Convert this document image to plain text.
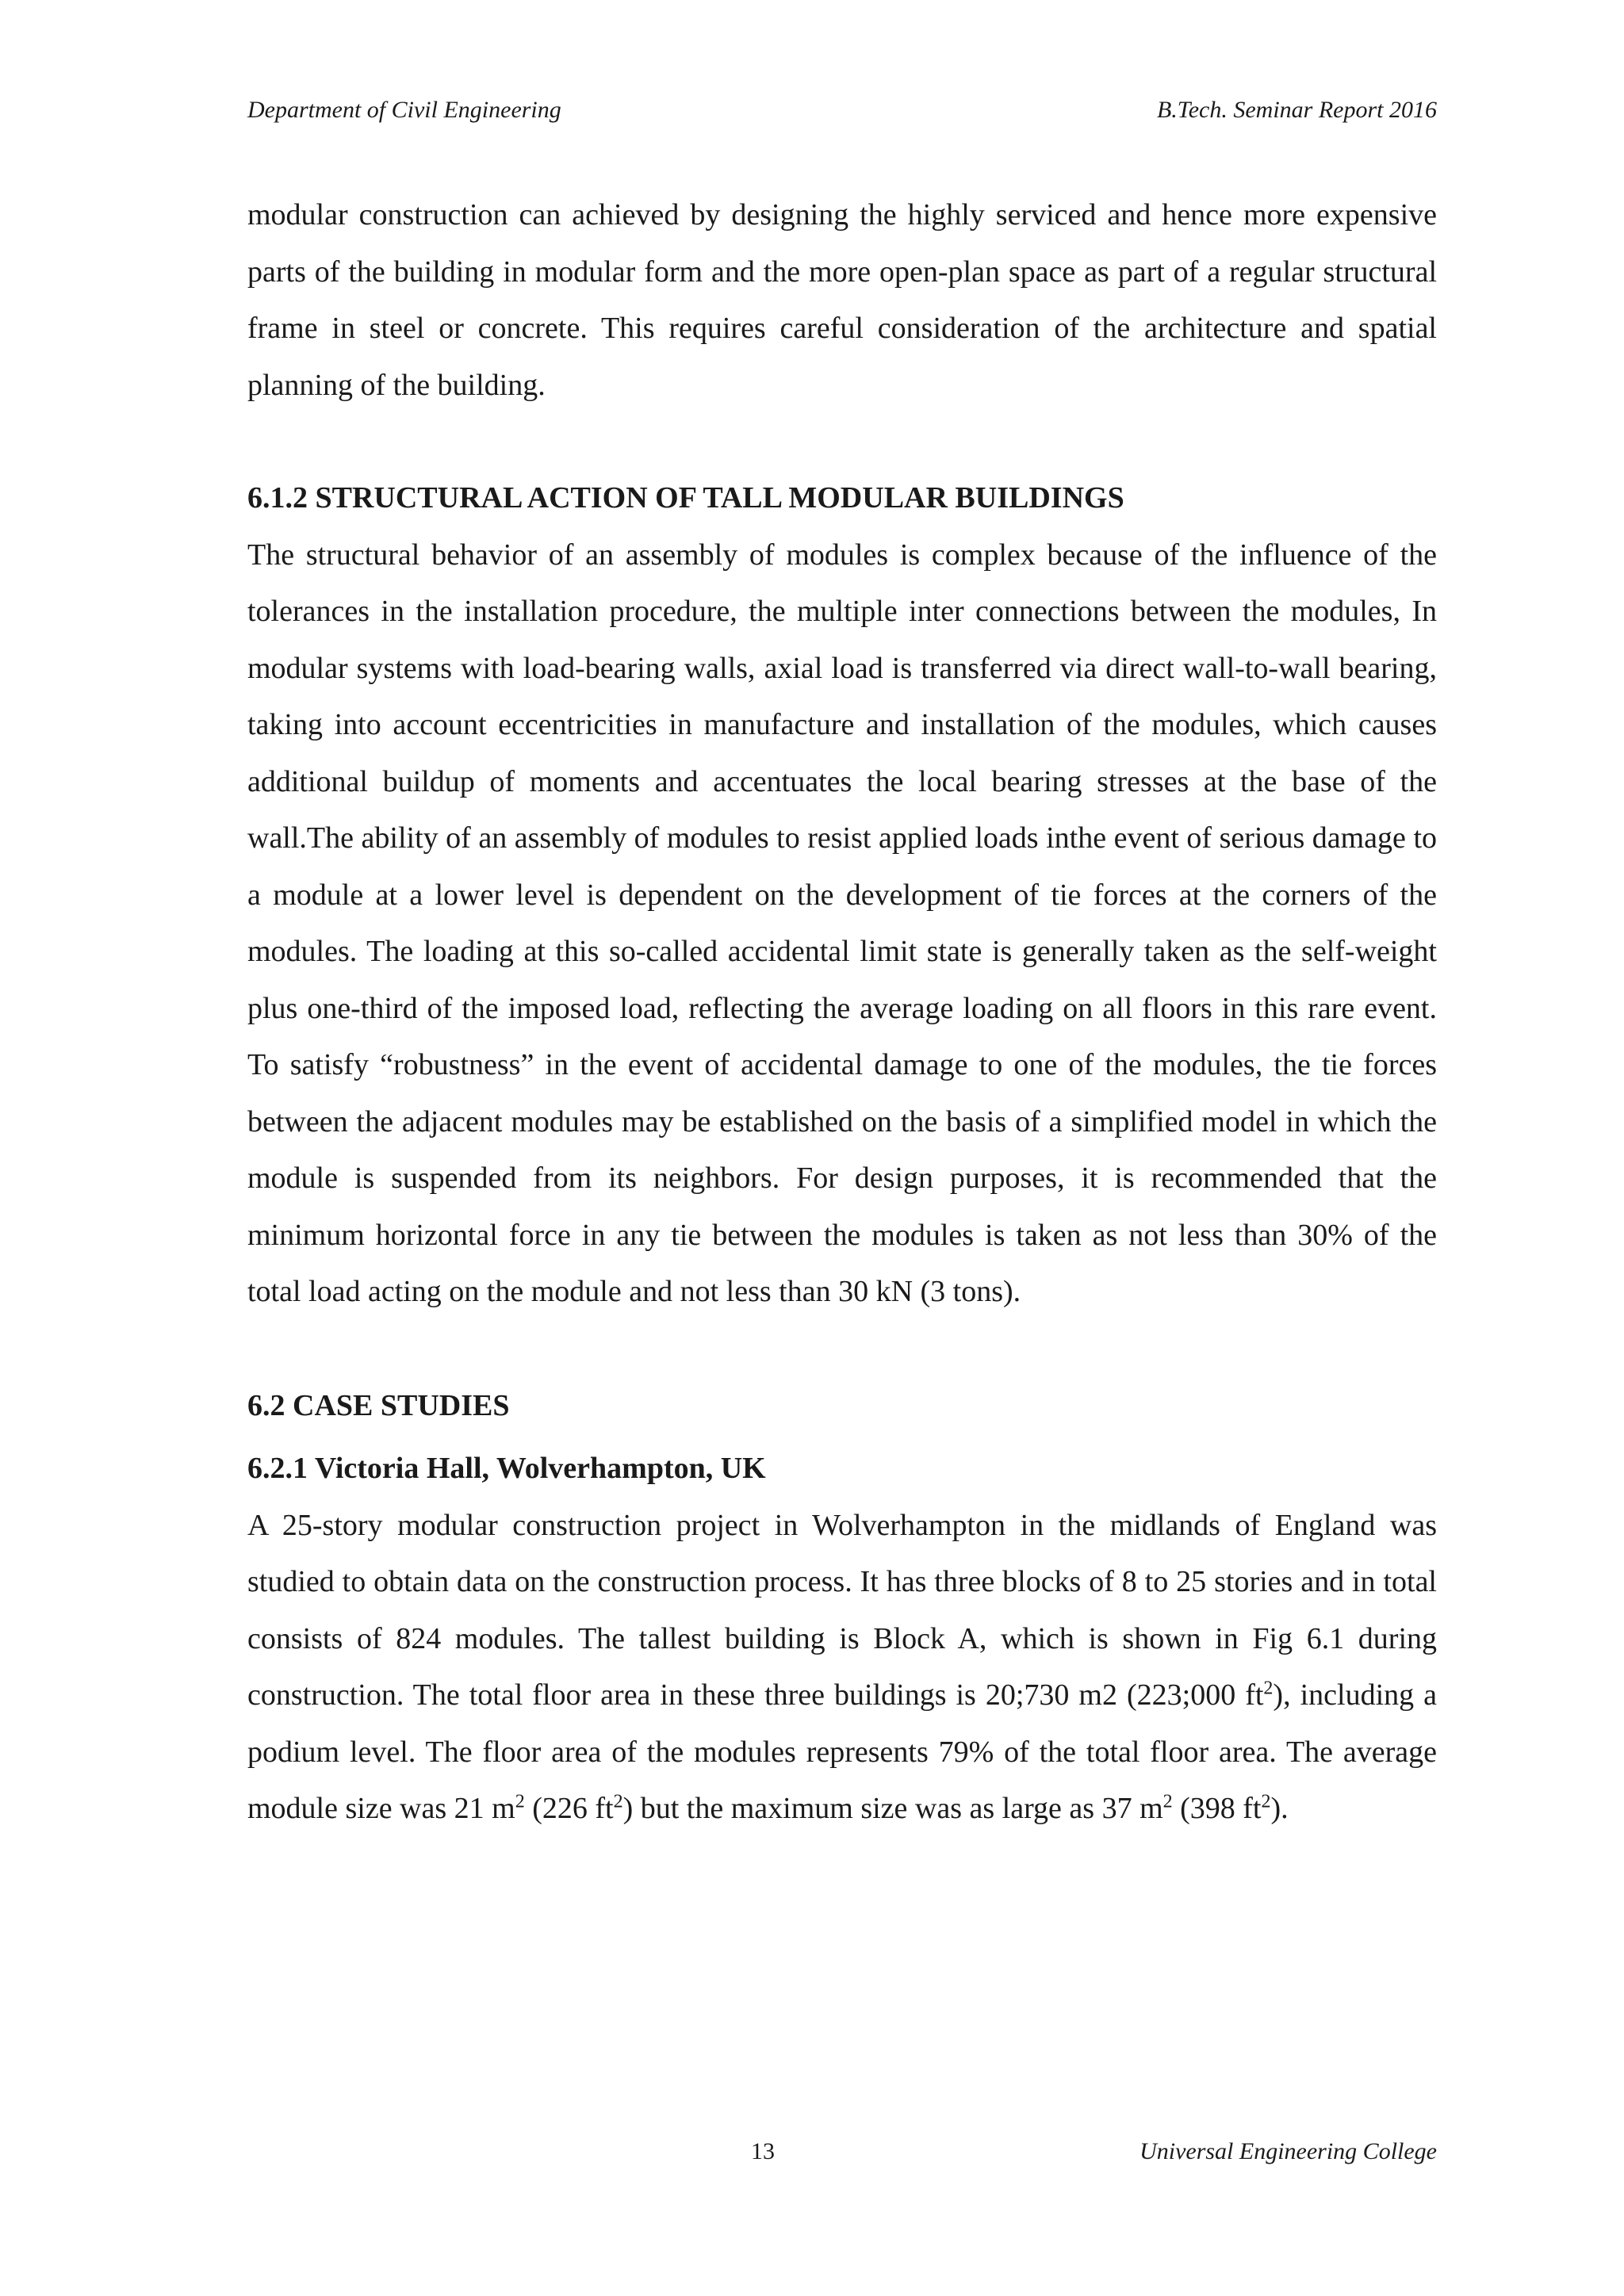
Department of Civil Engineering	B.Tech. Seminar Report 2016

modular construction can achieved by designing the highly serviced and hence more expensive parts of the building in modular form and the more open-plan space as part of a regular structural frame in steel or concrete. This requires careful consideration of the architecture and spatial planning of the building.

6.1.2 STRUCTURAL ACTION OF TALL MODULAR BUILDINGS

The structural behavior of an assembly of modules is complex because of the influence of the tolerances in the installation procedure, the multiple inter connections between the modules, In modular systems with load-bearing walls, axial load is transferred via direct wall-to-wall bearing, taking into account eccentricities in manufacture and installation of the modules, which causes additional buildup of moments and accentuates the local bearing stresses at the base of the wall.The ability of an assembly of modules to resist applied loads inthe event of serious damage to a module at a lower level is dependent on the development of tie forces at the corners of the modules. The loading at this so-called accidental limit state is generally taken as the self-weight plus one-third of the imposed load, reflecting the average loading on all floors in this rare event. To satisfy “robustness” in the event of accidental damage to one of the modules, the tie forces between the adjacent modules may be established on the basis of a simplified model in which the module is suspended from its neighbors. For design purposes, it is recommended that the minimum horizontal force in any tie between the modules is taken as not less than 30% of the total load acting on the module and not less than 30 kN (3 tons).

6.2 CASE STUDIES
6.2.1 Victoria Hall, Wolverhampton, UK

A 25-story modular construction project in Wolverhampton in the midlands of England was studied to obtain data on the construction process. It has three blocks of 8 to 25 stories and in total consists of 824 modules. The tallest building is Block A, which is shown in Fig 6.1 during construction. The total floor area in these three buildings is 20;730 m2 (223;000 $ft^2$), including a podium level. The floor area of the modules represents 79% of the total floor area. The average module size was 21 $m^2$ (226 $ft^2$) but the maximum size was as large as 37 $m^2$ (398 $ft^2$).

13	Universal Engineering College
